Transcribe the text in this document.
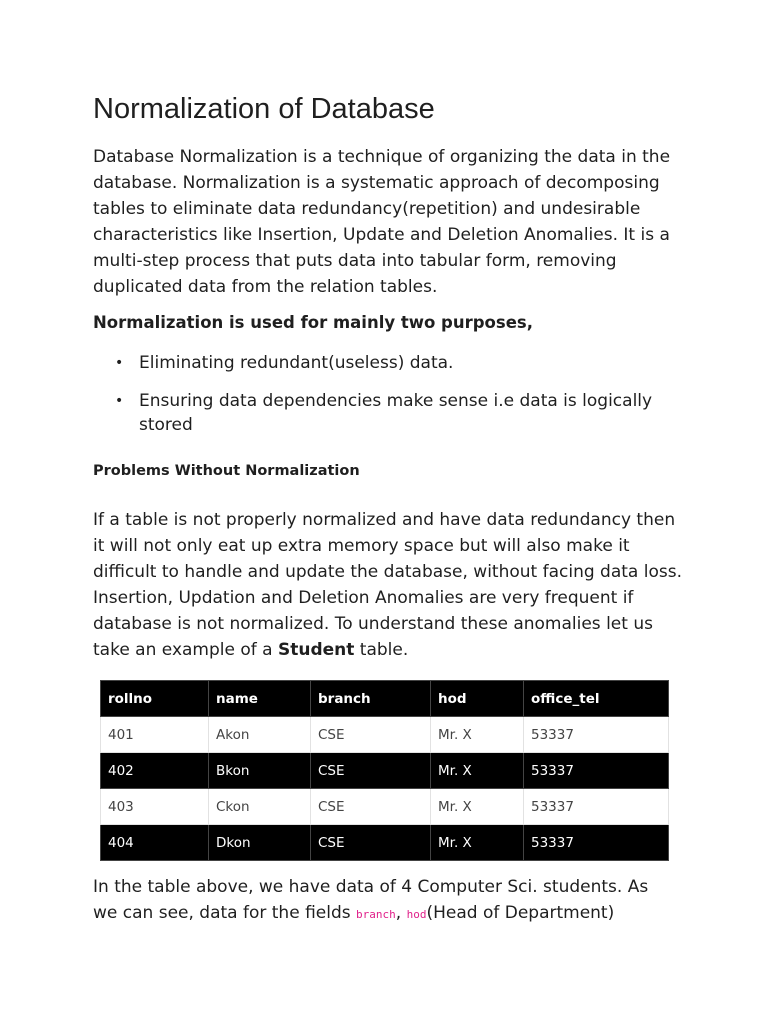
Normalization of Database

Database Normalization is a technique of organizing the data in the database. Normalization is a systematic approach of decomposing tables to eliminate data redundancy(repetition) and undesirable characteristics like Insertion, Update and Deletion Anomalies. It is a multi-step process that puts data into tabular form, removing duplicated data from the relation tables.

Normalization is used for mainly two purposes,

• Eliminating redundant(useless) data.
• Ensuring data dependencies make sense i.e data is logically stored

Problems Without Normalization

If a table is not properly normalized and have data redundancy then it will not only eat up extra memory space but will also make it difficult to handle and update the database, without facing data loss. Insertion, Updation and Deletion Anomalies are very frequent if database is not normalized. To understand these anomalies let us take an example of a Student table.

rollno	name	branch	hod	office_tel
401	Akon	CSE	Mr. X	53337
402	Bkon	CSE	Mr. X	53337
403	Ckon	CSE	Mr. X	53337
404	Dkon	CSE	Mr. X	53337

In the table above, we have data of 4 Computer Sci. students. As we can see, data for the fields branch, hod(Head of Department)
